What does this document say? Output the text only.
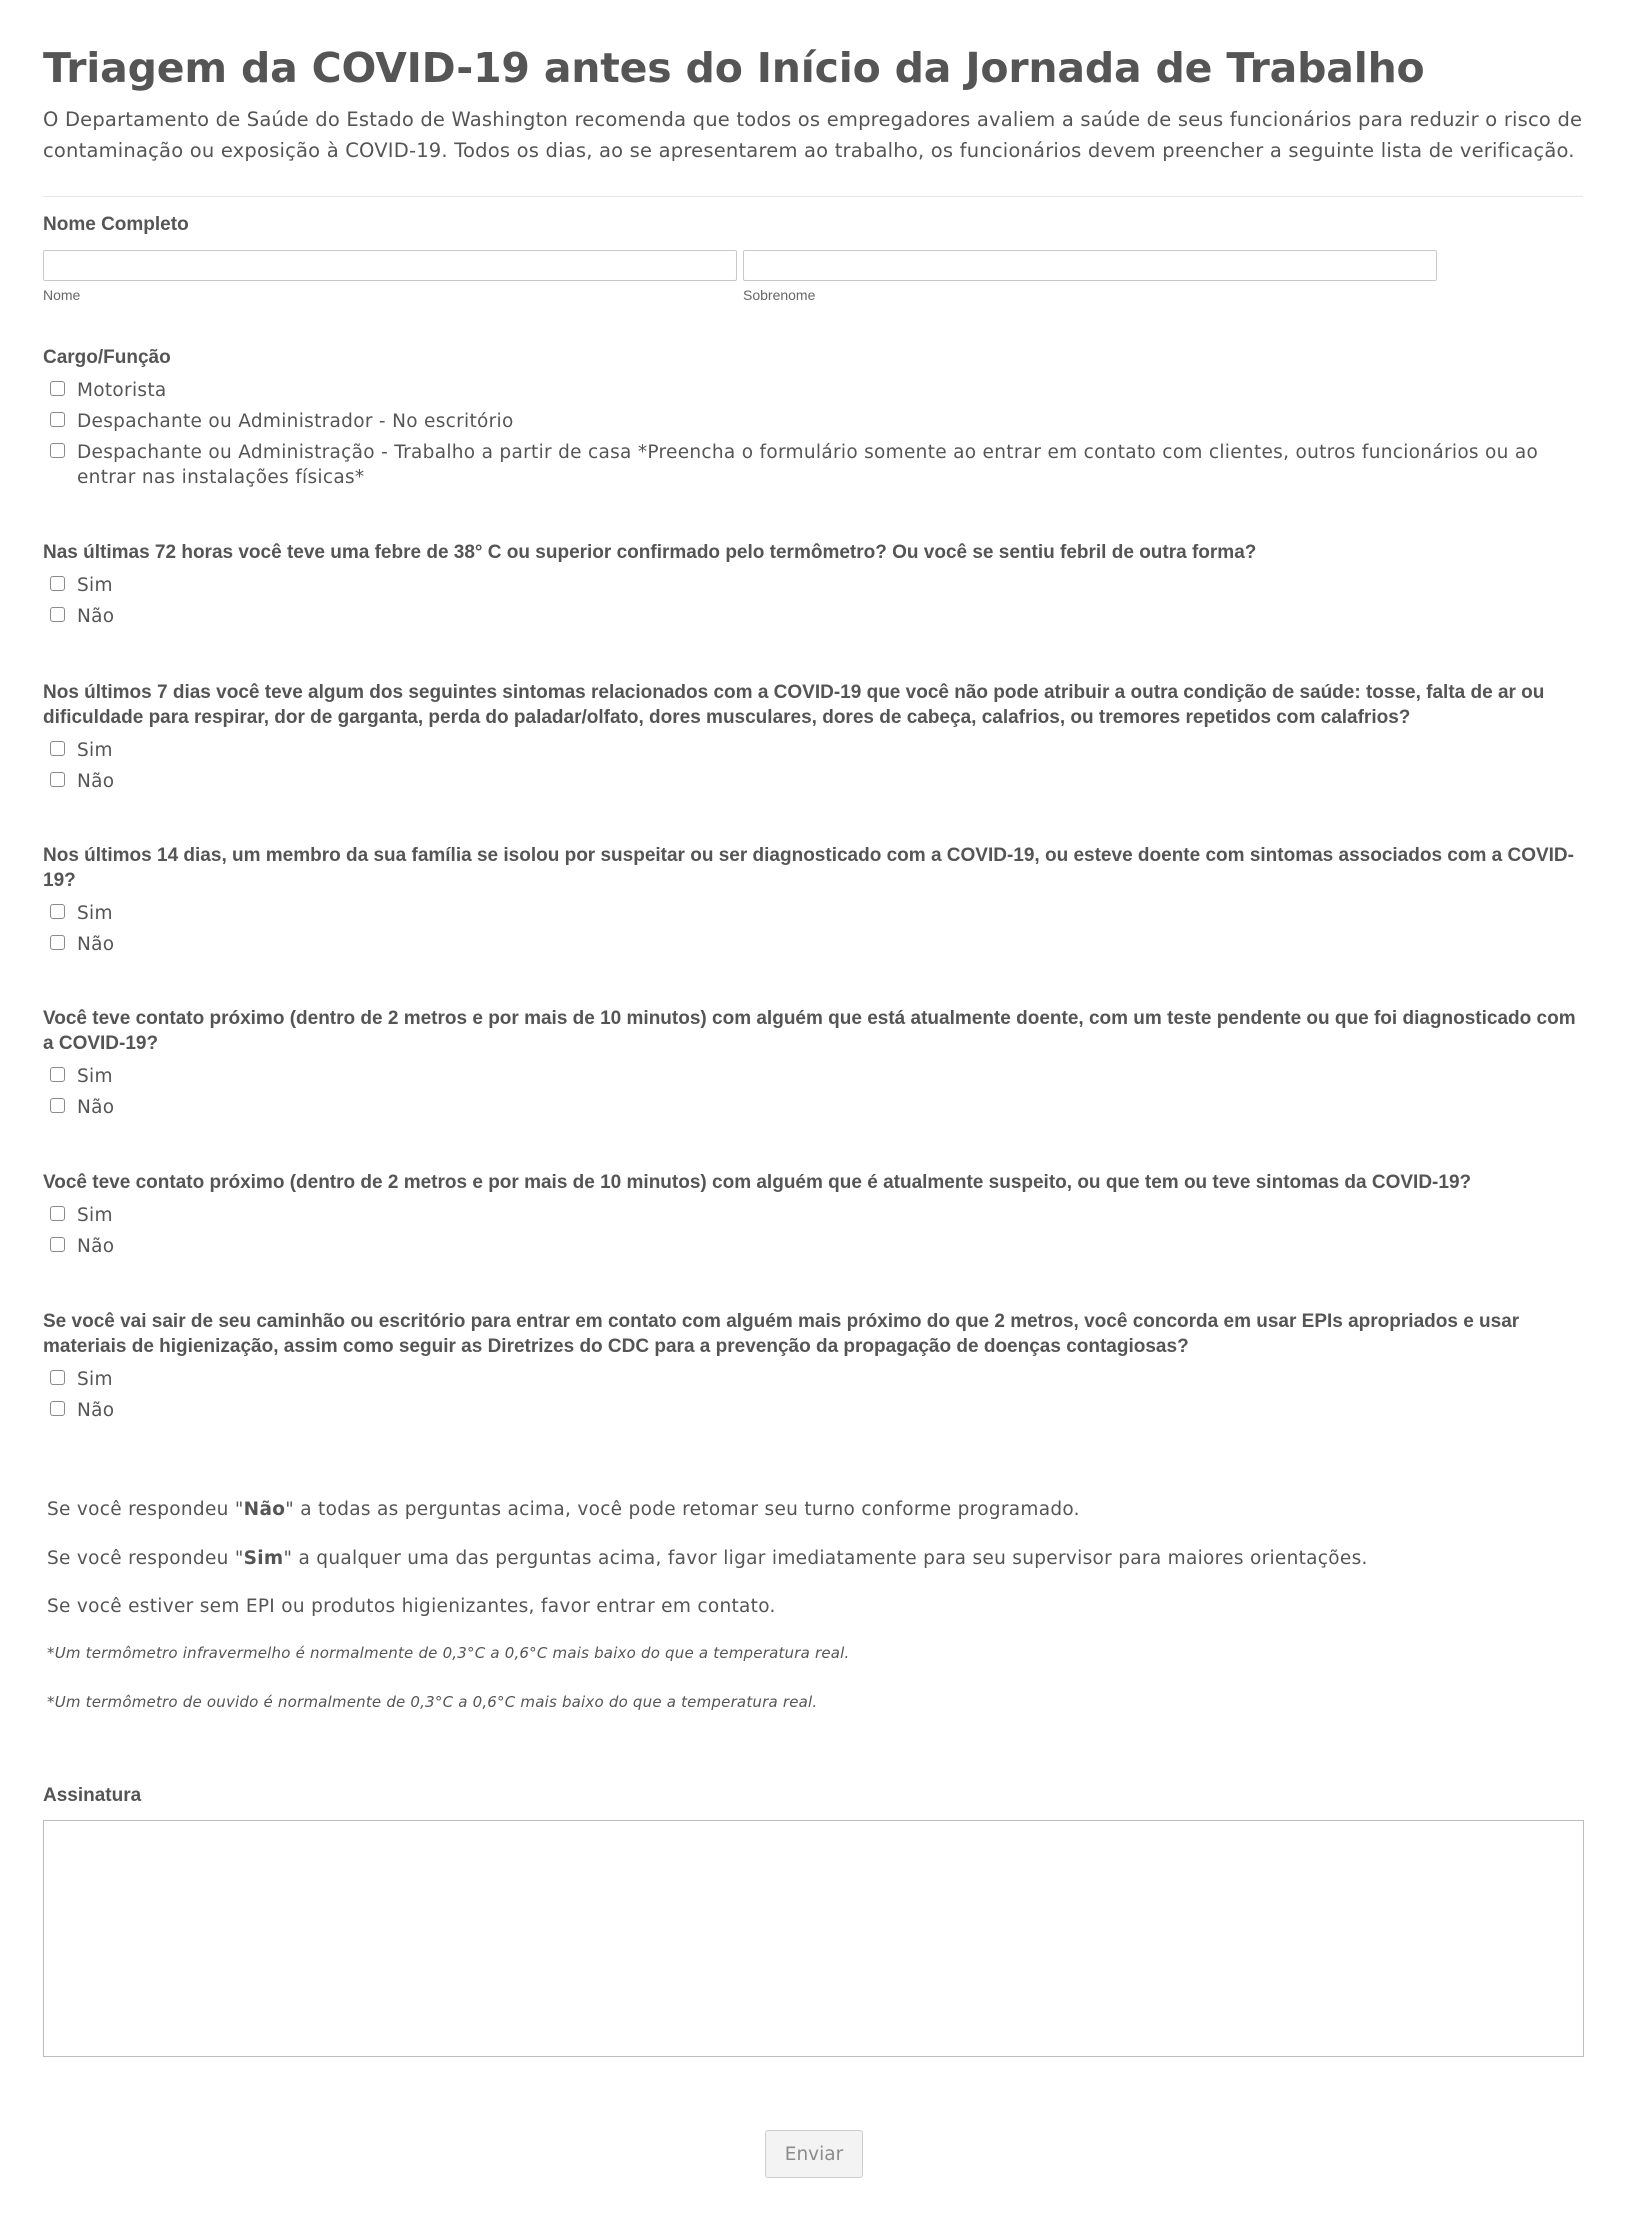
Triagem da COVID-19 antes do Início da Jornada de Trabalho

O Departamento de Saúde do Estado de Washington recomenda que todos os empregadores avaliem a saúde de seus funcionários para reduzir o risco de contaminação ou exposição à COVID-19. Todos os dias, ao se apresentarem ao trabalho, os funcionários devem preencher a seguinte lista de verificação.

Nome Completo

Nome	Sobrenome

Cargo/Função

Motorista
Despachante ou Administrador - No escritório
Despachante ou Administração - Trabalho a partir de casa *Preencha o formulário somente ao entrar em contato com clientes, outros funcionários ou ao entrar nas instalações físicas*

Nas últimas 72 horas você teve uma febre de 38° C ou superior confirmado pelo termômetro? Ou você se sentiu febril de outra forma?

Sim
Não

Nos últimos 7 dias você teve algum dos seguintes sintomas relacionados com a COVID-19 que você não pode atribuir a outra condição de saúde: tosse, falta de ar ou dificuldade para respirar, dor de garganta, perda do paladar/olfato, dores musculares, dores de cabeça, calafrios, ou tremores repetidos com calafrios?

Sim
Não

Nos últimos 14 dias, um membro da sua família se isolou por suspeitar ou ser diagnosticado com a COVID-19, ou esteve doente com sintomas associados com a COVID-19?

Sim
Não

Você teve contato próximo (dentro de 2 metros e por mais de 10 minutos) com alguém que está atualmente doente, com um teste pendente ou que foi diagnosticado com a COVID-19?

Sim
Não

Você teve contato próximo (dentro de 2 metros e por mais de 10 minutos) com alguém que é atualmente suspeito, ou que tem ou teve sintomas da COVID-19?

Sim
Não

Se você vai sair de seu caminhão ou escritório para entrar em contato com alguém mais próximo do que 2 metros, você concorda em usar EPIs apropriados e usar materiais de higienização, assim como seguir as Diretrizes do CDC para a prevenção da propagação de doenças contagiosas?

Sim
Não

Se você respondeu "Não" a todas as perguntas acima, você pode retomar seu turno conforme programado.

Se você respondeu "Sim" a qualquer uma das perguntas acima, favor ligar imediatamente para seu supervisor para maiores orientações.

Se você estiver sem EPI ou produtos higienizantes, favor entrar em contato.

*Um termômetro infravermelho é normalmente de 0,3°C a 0,6°C mais baixo do que a temperatura real.

*Um termômetro de ouvido é normalmente de 0,3°C a 0,6°C mais baixo do que a temperatura real.

Assinatura

Enviar
